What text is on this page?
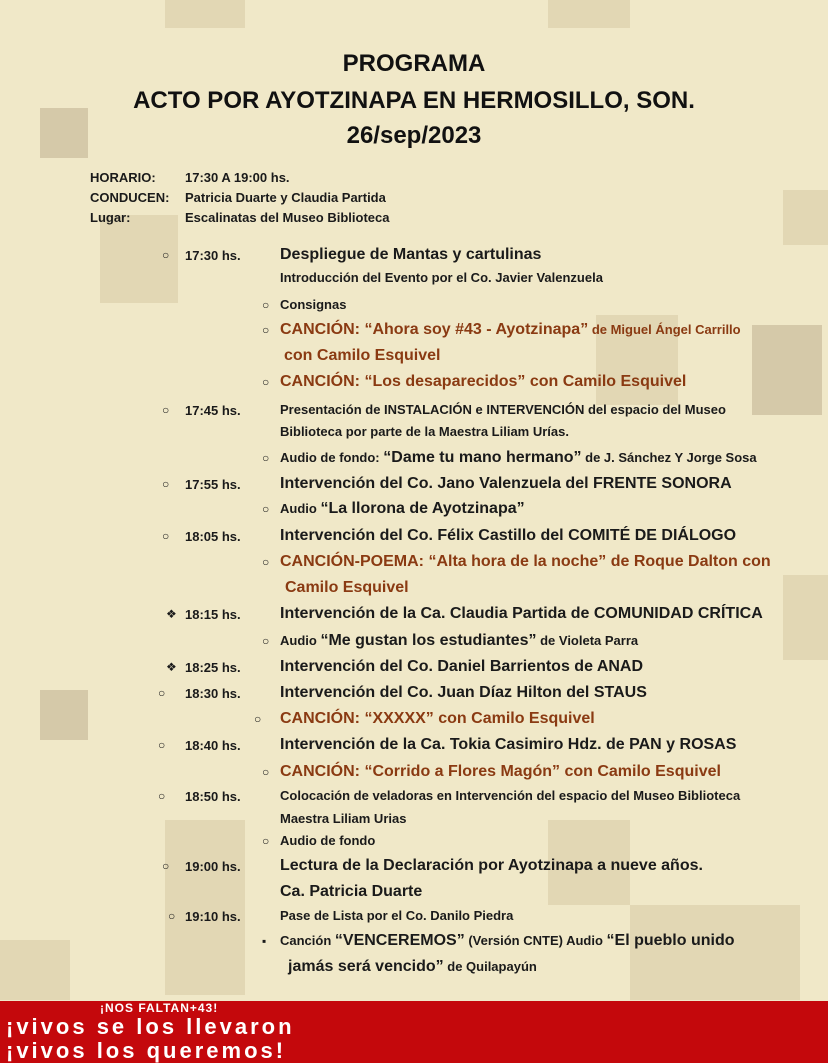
PROGRAMA
ACTO POR AYOTZINAPA EN HERMOSILLO, SON.
26/sep/2023
HORARIO: 17:30 A 19:00 hs.
CONDUCEN: Patricia Duarte y Claudia Partida
Lugar:	Escalinatas del Museo Biblioteca
○ 17:30 hs. Despliegue de Mantas y cartulinas
Introducción del Evento por el Co. Javier Valenzuela
○ Consignas
○ CANCIÓN: “Ahora soy #43 - Ayotzinapa” de Miguel Ángel Carrillo
con Camilo Esquivel
○ CANCIÓN: “Los desaparecidos” con Camilo Esquivel
○ 17:45 hs.	Presentación de INSTALACIÓN e INTERVENCIÓN del espacio del Museo
Biblioteca por parte de la Maestra Liliam Urías.
○ Audio de fondo: “Dame tu mano hermano” de J. Sánchez Y Jorge Sosa
○ 17:55 hs. Intervención del Co. Jano Valenzuela del FRENTE SONORA
○ Audio “La llorona de Ayotzinapa”
○ 18:05 hs. Intervención del Co. Félix Castillo del COMITÉ DE DIÁLOGO
○ CANCIÓN-POEMA: “Alta hora de la noche” de Roque Dalton con
Camilo Esquivel
❖ 18:15 hs. Intervención de la Ca. Claudia Partida de COMUNIDAD CRÍTICA
○ Audio “Me gustan los estudiantes” de Violeta Parra
❖ 18:25 hs. Intervención del Co. Daniel Barrientos de ANAD
○ 18:30 hs. Intervención del Co. Juan Díaz Hilton del STAUS
○ CANCIÓN: “XXXXX” con Camilo Esquivel
○ 18:40 hs. Intervención de la Ca. Tokia Casimiro Hdz. de PAN y ROSAS
○ CANCIÓN: “Corrido a Flores Magón” con Camilo Esquivel
○ 18:50 hs.	Colocación de veladoras en Intervención del espacio del Museo Biblioteca
Maestra Liliam Urias
○ Audio de fondo
○ 19:00 hs. Lectura de la Declaración por Ayotzinapa a nueve años.
Ca. Patricia Duarte
○ 19:10 hs.	Pase de Lista por el Co. Danilo Piedra
▪ Canción “VENCEREMOS” (Versión CNTE) Audio “El pueblo unido
jamás será vencido” de Quilapayún
¡NOS FALTAN+43!
¡vivos se los llevaron
¡vivos los queremos!
